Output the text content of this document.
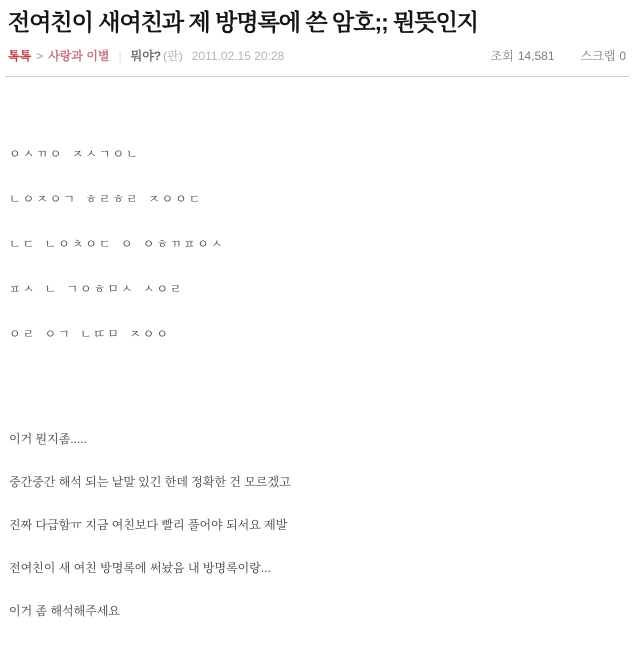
전여친이 새여친과 제 방명록에 쓴 암호;; 뭔뜻인지
톡톡 > 사랑과 이별 | 뭐야? (판) 2011.02.15 20:28	조회 14,581 스크랩 0

ㅇㅅㄲㅇ ㅈㅅㄱㅇㄴ

ㄴㅇㅈㅇㄱ ㅎㄹㅎㄹ ㅈㅇㅇㄷ

ㄴㄷ ㄴㅇㅊㅇㄷ ㅇ ㅇㅎㄲㅍㅇㅅ

ㅍㅅ ㄴ ㄱㅇㅎㅁㅅ ㅅㅇㄹ

ㅇㄹ ㅇㄱ ㄴㄸㅁ ㅈㅇㅇ

이거 뭔지좀.....

중간중간 해석 되는 낱말 있긴 한데 정확한 건 모르겠고

진짜 다급함ㅠ 지금 여친보다 빨리 풀어야 되서요 제발

전여친이 새 여친 방명록에 써놨음 내 방명록이랑...

이거 좀 해석해주세요
